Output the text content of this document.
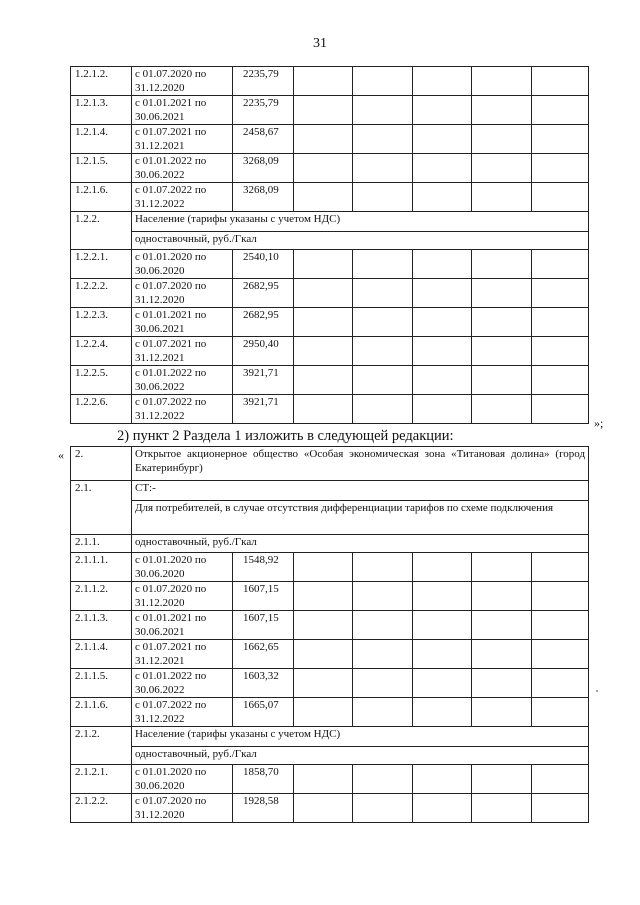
31
1.2.1.2.	с 01.07.2020 по 31.12.2020	2235,79					
1.2.1.3.	с 01.01.2021 по 30.06.2021	2235,79					
1.2.1.4.	с 01.07.2021 по 31.12.2021	2458,67					
1.2.1.5.	с 01.01.2022 по 30.06.2022	3268,09					
1.2.1.6.	с 01.07.2022 по 31.12.2022	3268,09					
1.2.2.	Население (тарифы указаны с учетом НДС)						
	одноставочный, руб./Гкал						
1.2.2.1.	с 01.01.2020 по 30.06.2020	2540,10					
1.2.2.2.	с 01.07.2020 по 31.12.2020	2682,95					
1.2.2.3.	с 01.01.2021 по 30.06.2021	2682,95					
1.2.2.4.	с 01.07.2021 по 31.12.2021	2950,40					
1.2.2.5.	с 01.01.2022 по 30.06.2022	3921,71					
1.2.2.6.	с 01.07.2022 по 31.12.2022	3921,71					
»;
2) пункт 2 Раздела 1 изложить в следующей редакции:
« 2.	Открытое акционерное общество «Особая экономическая зона «Титановая долина» (город Екатеринбург)						
2.1.	СТ:-						
	Для потребителей, в случае отсутствия дифференциации тарифов по схеме подключения						
2.1.1.	одноставочный, руб./Гкал						
2.1.1.1.	с 01.01.2020 по 30.06.2020	1548,92					
2.1.1.2.	с 01.07.2020 по 31.12.2020	1607,15					
2.1.1.3.	с 01.01.2021 по 30.06.2021	1607,15					
2.1.1.4.	с 01.07.2021 по 31.12.2021	1662,65					
2.1.1.5.	с 01.01.2022 по 30.06.2022	1603,32					
2.1.1.6.	с 01.07.2022 по 31.12.2022	1665,07					
2.1.2.	Население (тарифы указаны с учетом НДС)						
	одноставочный, руб./Гкал						
2.1.2.1.	с 01.01.2020 по 30.06.2020	1858,70					
2.1.2.2.	с 01.07.2020 по 31.12.2020	1928,58					
